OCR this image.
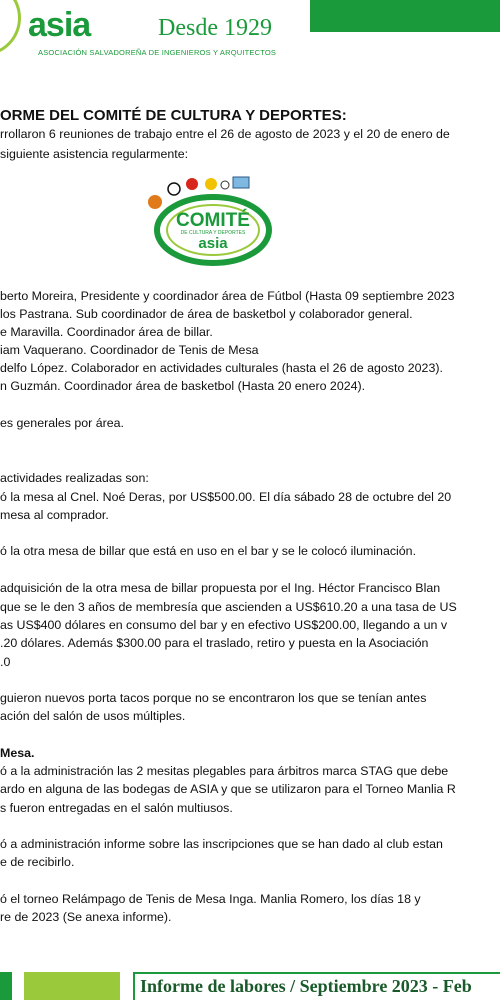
asia	Desde 1929
ASOCIACIÓN SALVADOREÑA DE INGENIEROS Y ARQUITECTOS
ORME DEL COMITÉ DE CULTURA Y DEPORTES:
rrollaron 6 reuniones de trabajo entre el 26 de agosto de 2023 y el 20 de enero de
siguiente asistencia regularmente:
COMITÉ
DE CULTURA Y DEPORTES
asia
berto Moreira, Presidente y coordinador área de Fútbol (Hasta 09 septiembre 2023
los Pastrana. Sub coordinador de área de basketbol y colaborador general.
e Maravilla. Coordinador área de billar.
iam Vaquerano. Coordinador de Tenis de Mesa
delfo López. Colaborador en actividades culturales (hasta el 26 de agosto 2023).
n Guzmán. Coordinador área de basketbol (Hasta 20 enero 2024).
es generales por área.
actividades realizadas son:
ó la mesa al Cnel. Noé Deras, por US$500.00. El día sábado 28 de octubre del 20
mesa al comprador.
ó la otra mesa de billar que está en uso en el bar y se le colocó iluminación.
adquisición de la otra mesa de billar propuesta por el Ing. Héctor Francisco Blan
que se le den 3 años de membresía que ascienden a US$610.20 a una tasa de US
as US$400 dólares en consumo del bar y en efectivo US$200.00, llegando a un v
.20 dólares. Además $300.00 para el traslado, retiro y puesta en la Asociación
.0
guieron nuevos porta tacos porque no se encontraron los que se tenían antes
ación del salón de usos múltiples.
Mesa.
ó a la administración las 2 mesitas plegables para árbitros marca STAG que debe
ardo en alguna de las bodegas de ASIA y que se utilizaron para el Torneo Manlia R
s fueron entregadas en el salón multiusos.
ó a administración informe sobre las inscripciones que se han dado al club estan
e de recibirlo.
ó el torneo Relámpago de Tenis de Mesa Inga. Manlia Romero, los días 18 y
re de 2023 (Se anexa informe).
Informe de labores / Septiembre 2023 - Feb
